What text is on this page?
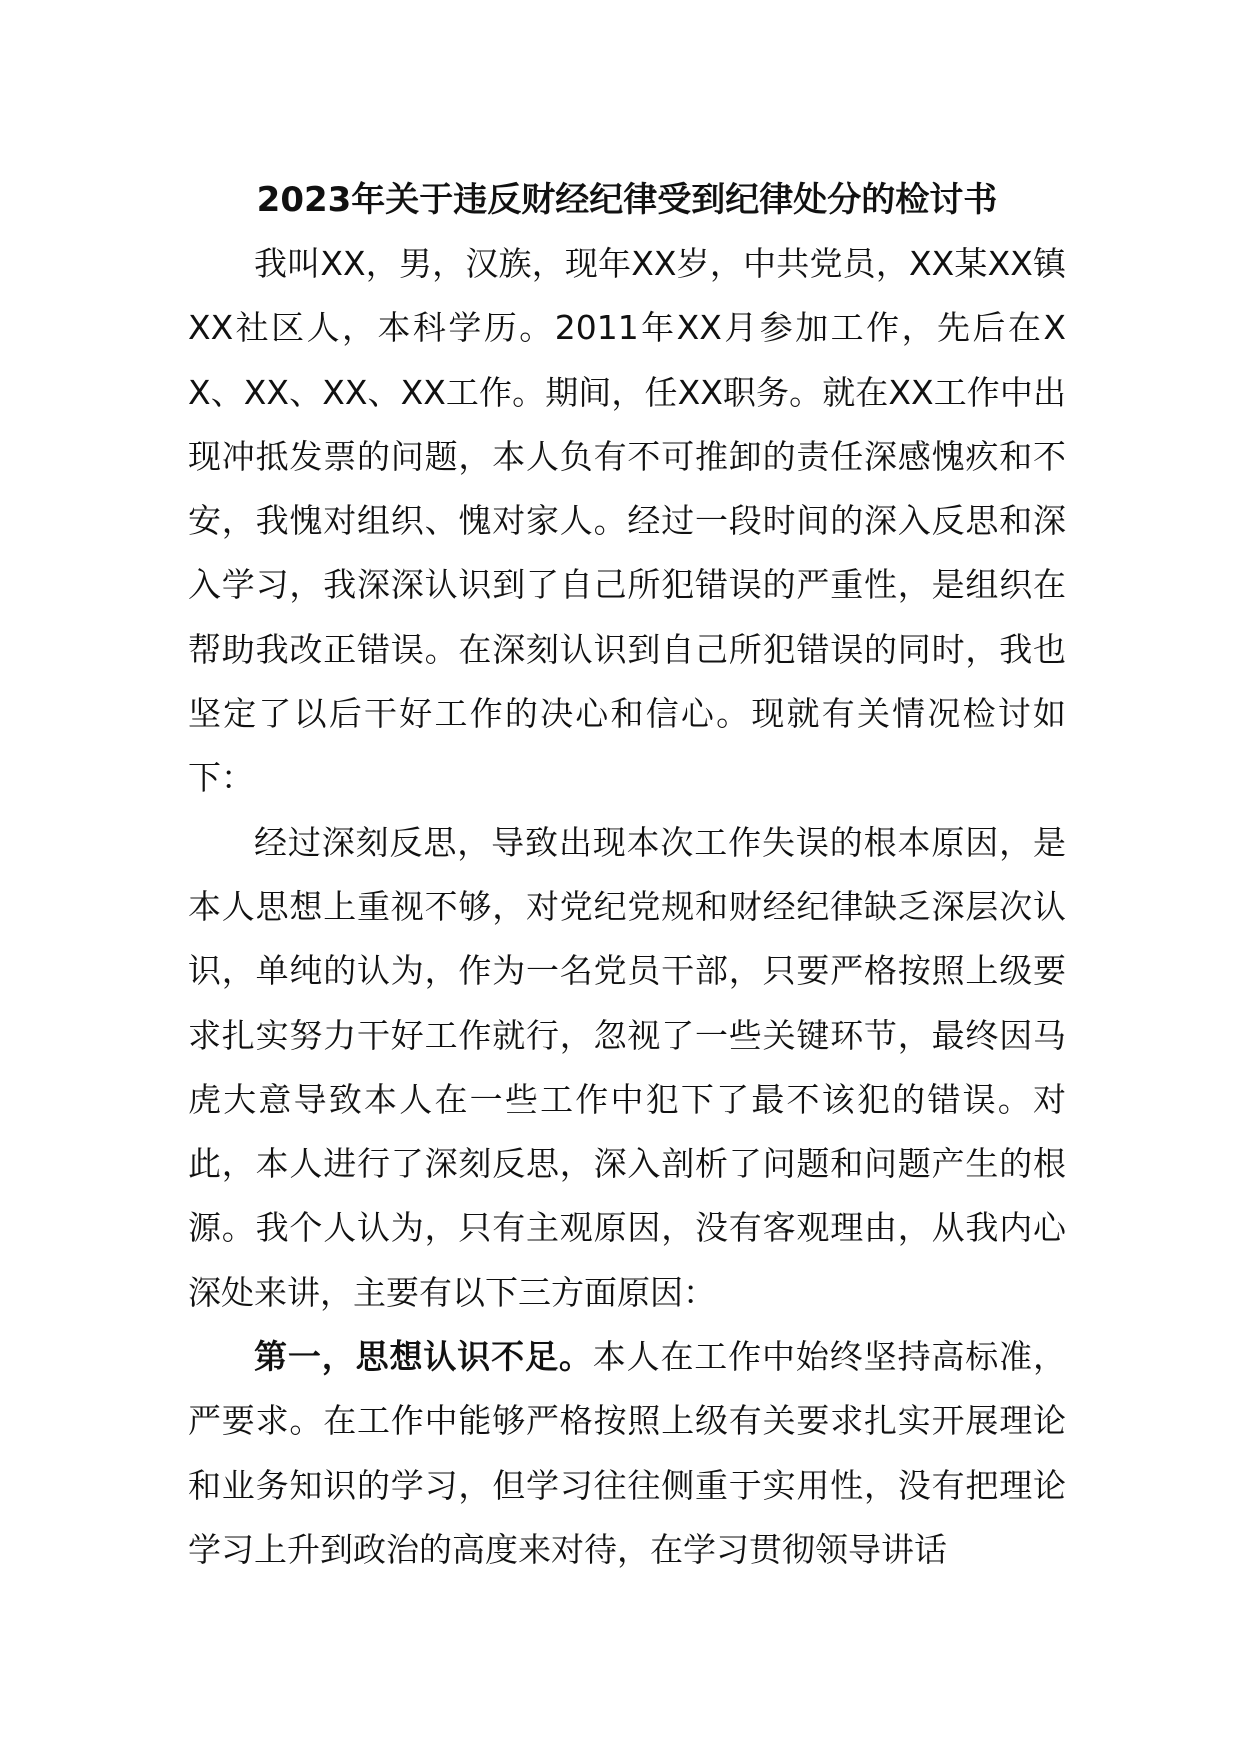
2023年关于违反财经纪律受到纪律处分的检讨书

我叫XX，男，汉族，现年XX岁，中共党员，XX某XX镇XX社区人，本科学历。2011年XX月参加工作，先后在XX、XX、XX、XX工作。期间，任XX职务。就在XX工作中出现冲抵发票的问题，本人负有不可推卸的责任深感愧疚和不安，我愧对组织、愧对家人。经过一段时间的深入反思和深入学习，我深深认识到了自己所犯错误的严重性，是组织在帮助我改正错误。在深刻认识到自己所犯错误的同时，我也坚定了以后干好工作的决心和信心。现就有关情况检讨如下：

经过深刻反思，导致出现本次工作失误的根本原因，是本人思想上重视不够，对党纪党规和财经纪律缺乏深层次认识，单纯的认为，作为一名党员干部，只要严格按照上级要求扎实努力干好工作就行，忽视了一些关键环节，最终因马虎大意导致本人在一些工作中犯下了最不该犯的错误。对此，本人进行了深刻反思，深入剖析了问题和问题产生的根源。我个人认为，只有主观原因，没有客观理由，从我内心深处来讲，主要有以下三方面原因：

第一，思想认识不足。本人在工作中始终坚持高标准，严要求。在工作中能够严格按照上级有关要求扎实开展理论和业务知识的学习，但学习往往侧重于实用性，没有把理论学习上升到政治的高度来对待，在学习贯彻领导讲话
